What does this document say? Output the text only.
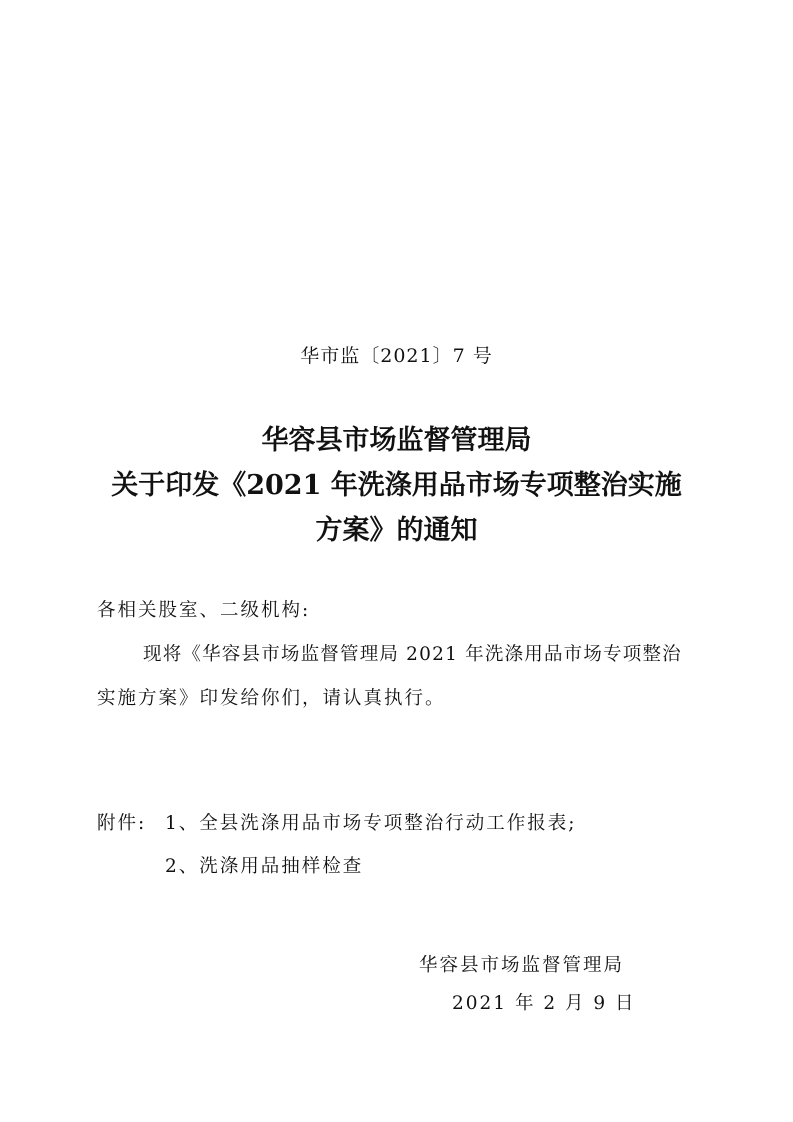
华市监〔2021〕7 号
华容县市场监督管理局
关于印发《2021 年洗涤用品市场专项整治实施
方案》的通知
各相关股室、二级机构:
现将《华容县市场监督管理局 2021 年洗涤用品市场专项整治
实施方案》印发给你们，请认真执行。
附件: 1、全县洗涤用品市场专项整治行动工作报表;
2、洗涤用品抽样检查
华容县市场监督管理局
2021 年 2 月 9 日
